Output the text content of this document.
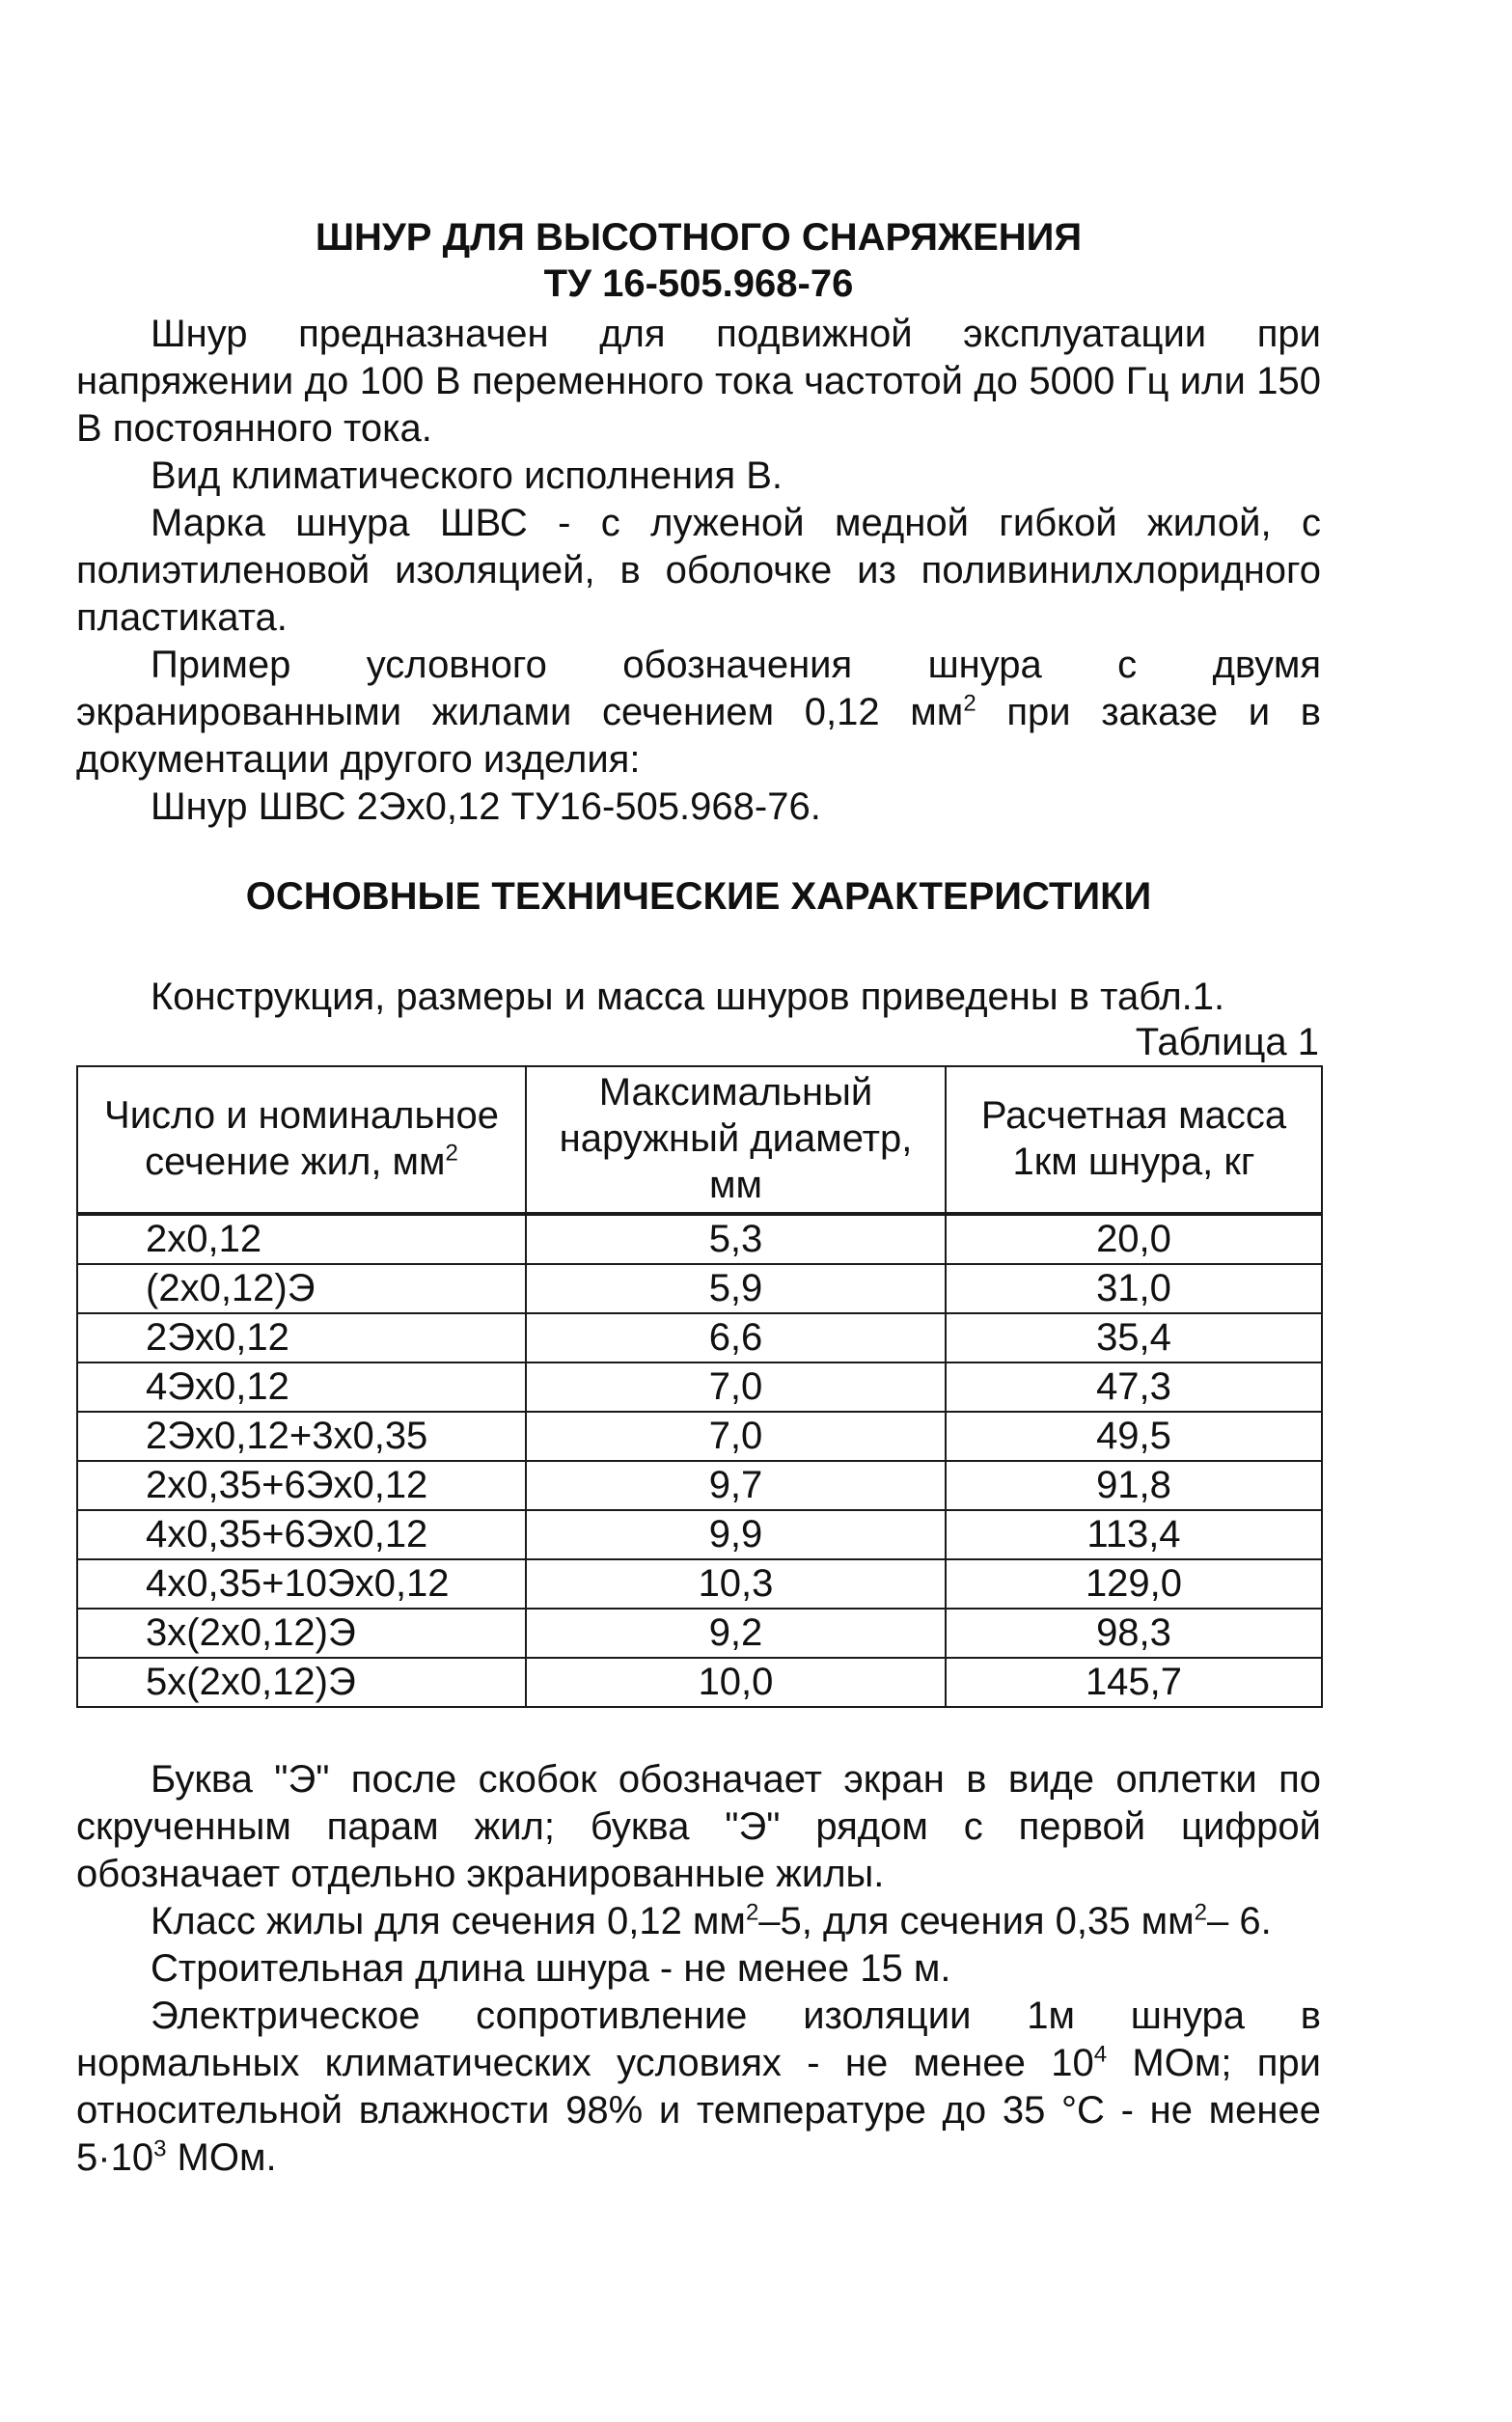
ШНУР ДЛЯ ВЫСОТНОГО СНАРЯЖЕНИЯ
ТУ 16-505.968-76

Шнур предназначен для подвижной эксплуатации при напряжении до 100 В переменного тока частотой до 5000 Гц или 150 В постоянного тока.

Вид климатического исполнения В.

Марка шнура ШВС - с луженой медной гибкой жилой, с полиэтиленовой изоляцией, в оболочке из поливинилхлоридного пластиката.

Пример условного обозначения шнура с двумя экранированными жилами сечением 0,12 $мм^2$ при заказе и в документации другого изделия:

Шнур ШВС 2Эх0,12 ТУ16-505.968-76.

ОСНОВНЫЕ ТЕХНИЧЕСКИЕ ХАРАКТЕРИСТИКИ

Конструкция, размеры и масса шнуров приведены в табл.1.

Таблица 1
Число и номинальное сечение жил, $мм^2$	Максимальный наружный диаметр, мм	Расчетная масса 1км шнура, кг
2х0,12	5,3	20,0
(2х0,12)Э	5,9	31,0
2Эх0,12	6,6	35,4
4Эх0,12	7,0	47,3
2Эх0,12+3х0,35	7,0	49,5
2х0,35+6Эх0,12	9,7	91,8
4х0,35+6Эх0,12	9,9	113,4
4х0,35+10Эх0,12	10,3	129,0
3х(2х0,12)Э	9,2	98,3
5х(2х0,12)Э	10,0	145,7

Буква "Э" после скобок обозначает экран в виде оплетки по скрученным парам жил; буква "Э" рядом с первой цифрой обозначает отдельно экранированные жилы.

Класс жилы для сечения 0,12 $мм^2-5$, для сечения 0,35 $мм^2-$ 6.

Строительная длина шнура - не менее 15 м.

Электрическое сопротивление изоляции 1м шнура в нормальных климатических условиях - не менее $10^4$ МОм; при относительной влажности 98% и температуре до 35 °С - не менее $5\cdot 10^3$ МОм.
